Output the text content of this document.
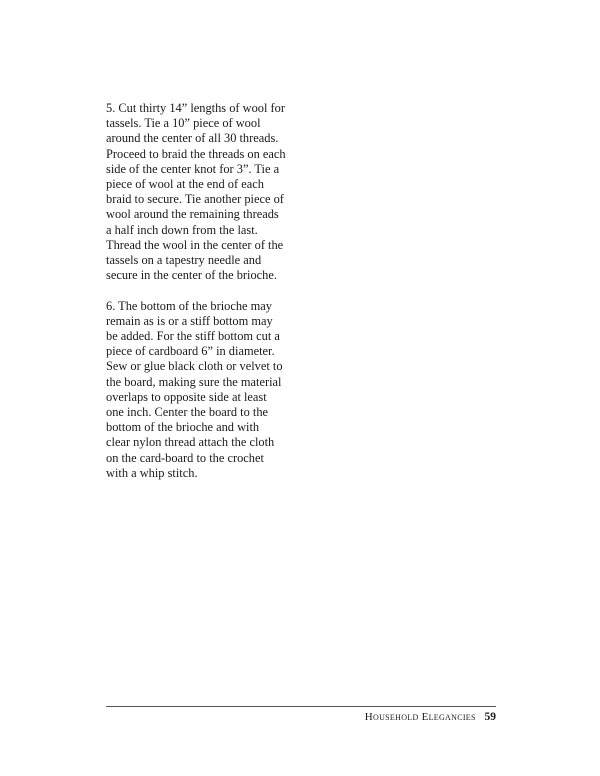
5. Cut thirty 14” lengths of wool for tassels. Tie a 10” piece of wool around the center of all 30 threads. Proceed to braid the threads on each side of the center knot for 3”. Tie a piece of wool at the end of each braid to secure. Tie another piece of wool around the remaining threads a half inch down from the last. Thread the wool in the center of the tassels on a tapestry needle and secure in the center of the brioche.

6. The bottom of the brioche may remain as is or a stiff bottom may be added. For the stiff bottom cut a piece of cardboard 6” in diameter. Sew or glue black cloth or velvet to the board, making sure the material overlaps to opposite side at least one inch. Center the board to the bottom of the brioche and with clear nylon thread attach the cloth on the card-board to the crochet with a whip stitch.

Household Elegancies 59
